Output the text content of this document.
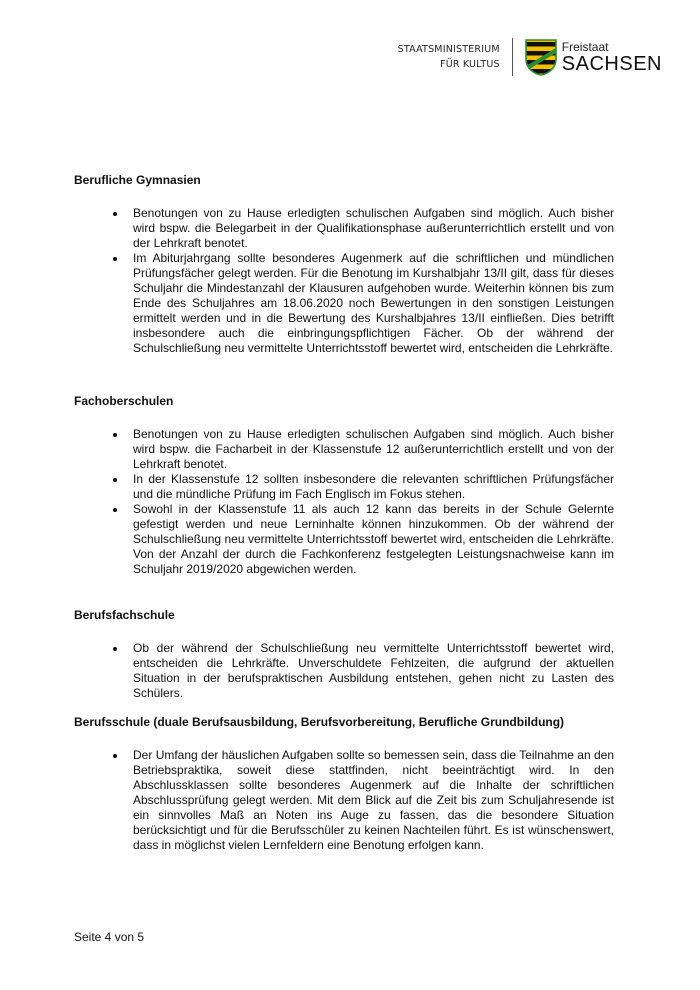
STAATSMINISTERIUM
FÜR KULTUS
Freistaat
SACHSEN
Berufliche Gymnasien
Benotungen von zu Hause erledigten schulischen Aufgaben sind möglich. Auch bisher wird bspw. die Belegarbeit in der Qualifikationsphase außerunterrichtlich erstellt und von der Lehrkraft benotet.
Im Abiturjahrgang sollte besonderes Augenmerk auf die schriftlichen und mündlichen Prüfungsfächer gelegt werden. Für die Benotung im Kurshalbjahr 13/II gilt, dass für dieses Schuljahr die Mindestanzahl der Klausuren aufgehoben wurde. Weiterhin können bis zum Ende des Schuljahres am 18.06.2020 noch Bewertungen in den sonstigen Leistungen ermittelt werden und in die Bewertung des Kurshalbjahres 13/II einfließen. Dies betrifft insbesondere auch die einbringungspflichtigen Fächer. Ob der während der Schulschließung neu vermittelte Unterrichtsstoff bewertet wird, entscheiden die Lehrkräfte.
Fachoberschulen
Benotungen von zu Hause erledigten schulischen Aufgaben sind möglich. Auch bisher wird bspw. die Facharbeit in der Klassenstufe 12 außerunterrichtlich erstellt und von der Lehrkraft benotet.
In der Klassenstufe 12 sollten insbesondere die relevanten schriftlichen Prüfungsfächer und die mündliche Prüfung im Fach Englisch im Fokus stehen.
Sowohl in der Klassenstufe 11 als auch 12 kann das bereits in der Schule Gelernte gefestigt werden und neue Lerninhalte können hinzukommen. Ob der während der Schulschließung neu vermittelte Unterrichtsstoff bewertet wird, entscheiden die Lehrkräfte. Von der Anzahl der durch die Fachkonferenz festgelegten Leistungsnachweise kann im Schuljahr 2019/2020 abgewichen werden.
Berufsfachschule
Ob der während der Schulschließung neu vermittelte Unterrichtsstoff bewertet wird, entscheiden die Lehrkräfte. Unverschuldete Fehlzeiten, die aufgrund der aktuellen Situation in der berufspraktischen Ausbildung entstehen, gehen nicht zu Lasten des Schülers.
Berufsschule (duale Berufsausbildung, Berufsvorbereitung, Berufliche Grundbildung)
Der Umfang der häuslichen Aufgaben sollte so bemessen sein, dass die Teilnahme an den Betriebspraktika, soweit diese stattfinden, nicht beeinträchtigt wird. In den Abschlussklassen sollte besonderes Augenmerk auf die Inhalte der schriftlichen Abschlussprüfung gelegt werden. Mit dem Blick auf die Zeit bis zum Schuljahresende ist ein sinnvolles Maß an Noten ins Auge zu fassen, das die besondere Situation berücksichtigt und für die Berufsschüler zu keinen Nachteilen führt. Es ist wünschenswert, dass in möglichst vielen Lernfeldern eine Benotung erfolgen kann.
Seite 4 von 5
